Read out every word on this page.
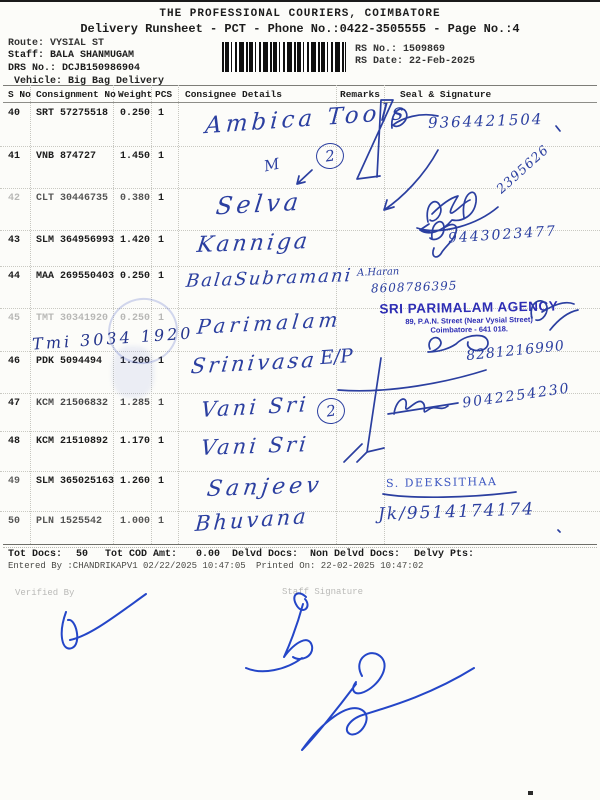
THE PROFESSIONAL COURIERS, COIMBATORE
Delivery Runsheet - PCT - Phone No.:0422-3505555 - Page No.:4
Route: VYSIAL ST
Staff: BALA SHANMUGAM
DRS No.: DCJB150986904
Vehicle: Big Bag Delivery
RS No.: 1509869
RS Date: 22-Feb-2025
S No Consignment No Weight PCS Consignee Details	Remarks Seal & Signature
40 SRT 57275518 0.250 1
41 VNB 874727 1.450 1
42 CLT 30446735 0.380 1
43 SLM 364956993 1.420 1
44 MAA 269550403 0.250 1
45 TMT 30341920 0.250 1
46 PDK 5094494 1.200 1
47 KCM 21506832 1.285 1
48 KCM 21510892 1.170 1
49 SLM 365025163 1.260 1
50 PLN 1525542 1.000 1
Ambica Tools
M
Selva
Kanniga
BalaSubramani
Parimalam
Tmi 3034 1920
Srinivasa E/P
Vani Sri
Vani Sri
Sanjeev
Bhuvana
2
2
9364421504
2395626
9443023477
A.Haran
8608786395
8281216990
9042254230
S. DEEKSITHAA
Jk/9514174174
SRI PARIMALAM AGENCY
89, P.A.N. Street (Near Vysial Street)
Coimbatore - 641 018.
Tot Docs: 50 Tot COD Amt: 0.00 Delvd Docs: Non Delvd Docs: Delvy Pts:
Entered By :CHANDRIKAPV1 02/22/2025 10:47:05 Printed On: 22-02-2025 10:47:02
Verified By	Staff Signature
